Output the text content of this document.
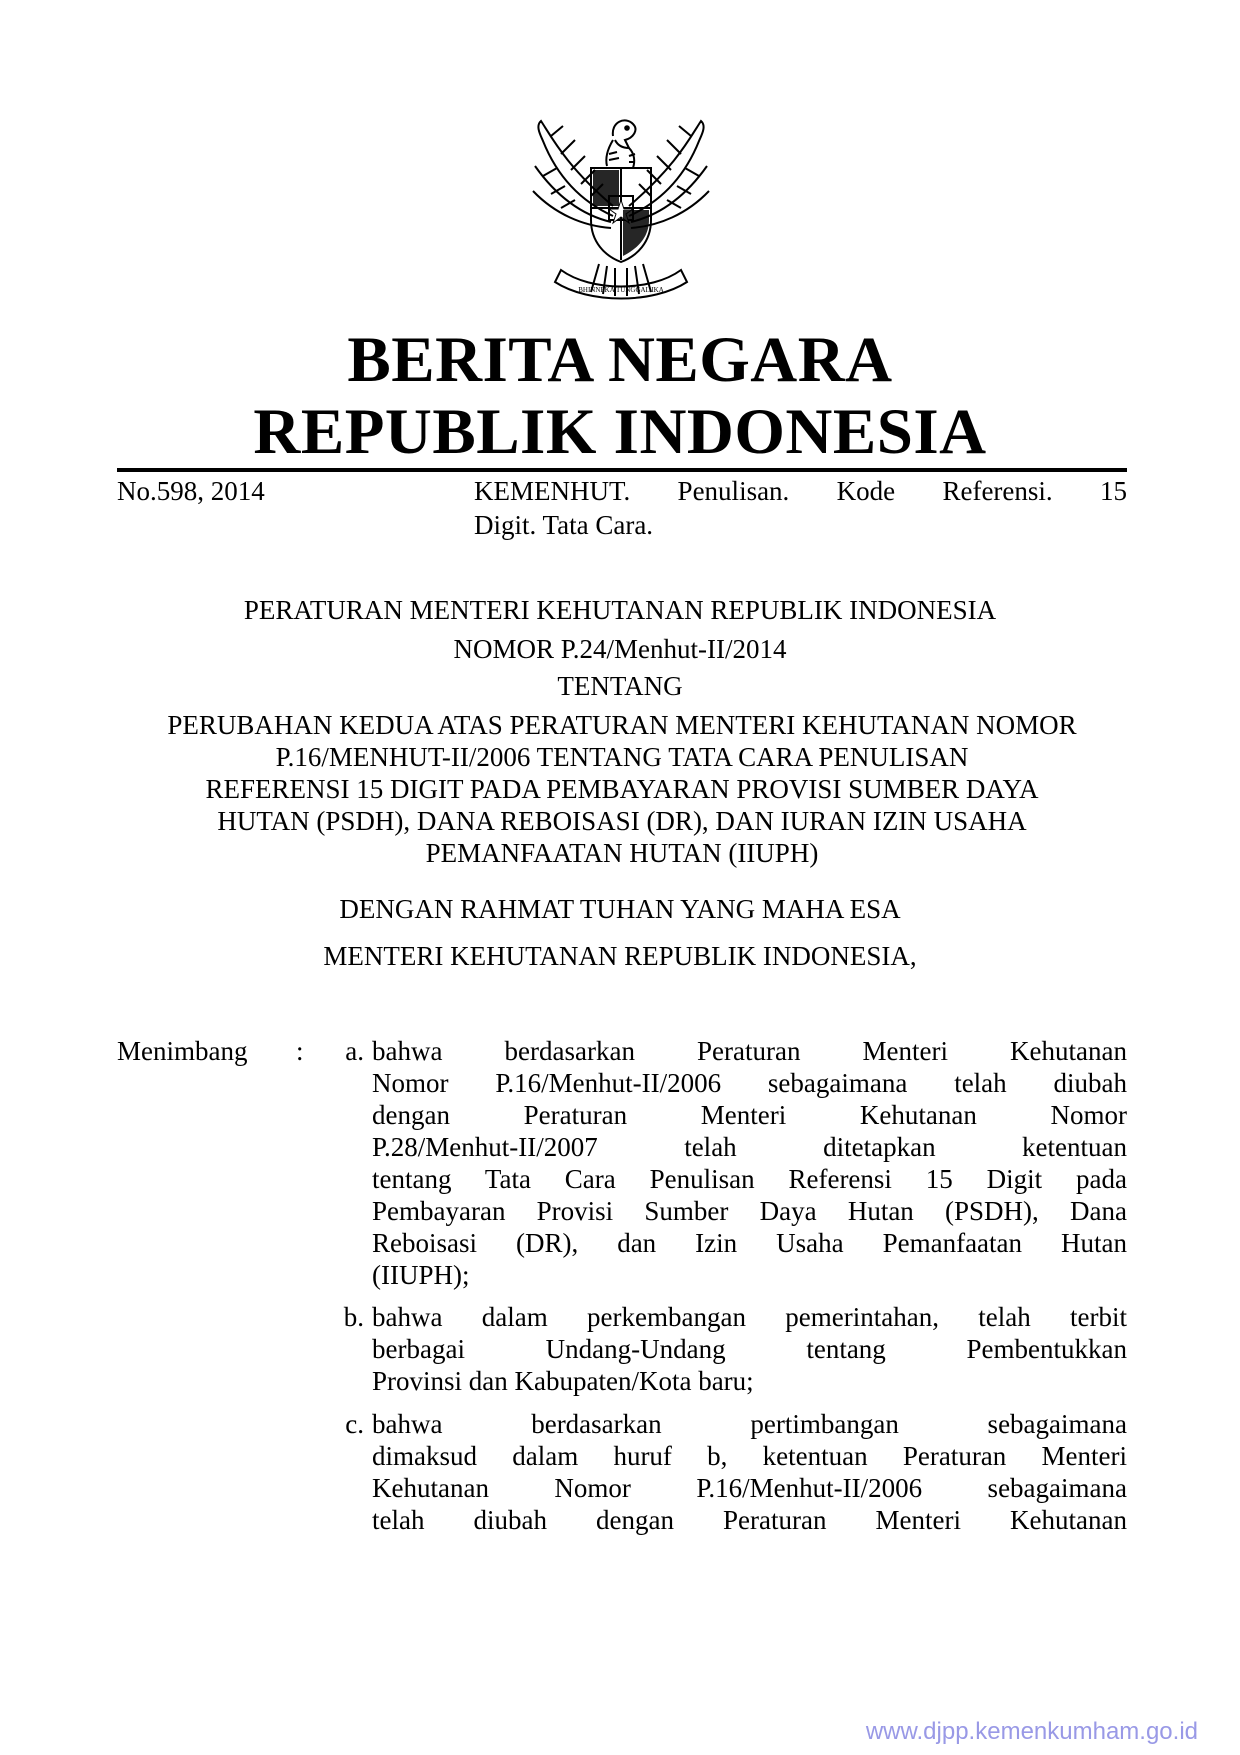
BHINNEKA TUNGGAL IKA
BERITA NEGARA
REPUBLIK INDONESIA
No.598, 2014	KEMENHUT. Penulisan. Kode Referensi. 15
Digit. Tata Cara.
PERATURAN MENTERI KEHUTANAN REPUBLIK INDONESIA
NOMOR P.24/Menhut-II/2014
TENTANG
PERUBAHAN KEDUA ATAS PERATURAN MENTERI KEHUTANAN NOMOR
P.16/MENHUT-II/2006 TENTANG TATA CARA PENULISAN
REFERENSI 15 DIGIT PADA PEMBAYARAN PROVISI SUMBER DAYA
HUTAN (PSDH), DANA REBOISASI (DR), DAN IURAN IZIN USAHA
PEMANFAATAN HUTAN (IIUPH)
DENGAN RAHMAT TUHAN YANG MAHA ESA
MENTERI KEHUTANAN REPUBLIK INDONESIA,
Menimbang :	a. bahwa berdasarkan Peraturan Menteri Kehutanan
Nomor P.16/Menhut-II/2006 sebagaimana telah diubah
dengan Peraturan Menteri Kehutanan Nomor
P.28/Menhut-II/2007 telah ditetapkan ketentuan
tentang Tata Cara Penulisan Referensi 15 Digit pada
Pembayaran Provisi Sumber Daya Hutan (PSDH), Dana
Reboisasi (DR), dan Izin Usaha Pemanfaatan Hutan
(IIUPH);
b. bahwa dalam perkembangan pemerintahan, telah terbit
berbagai Undang-Undang tentang Pembentukkan
Provinsi dan Kabupaten/Kota baru;
c. bahwa berdasarkan pertimbangan sebagaimana
dimaksud dalam huruf b, ketentuan Peraturan Menteri
Kehutanan Nomor P.16/Menhut-II/2006 sebagaimana
telah diubah dengan Peraturan Menteri Kehutanan
www.djpp.kemenkumham.go.id
